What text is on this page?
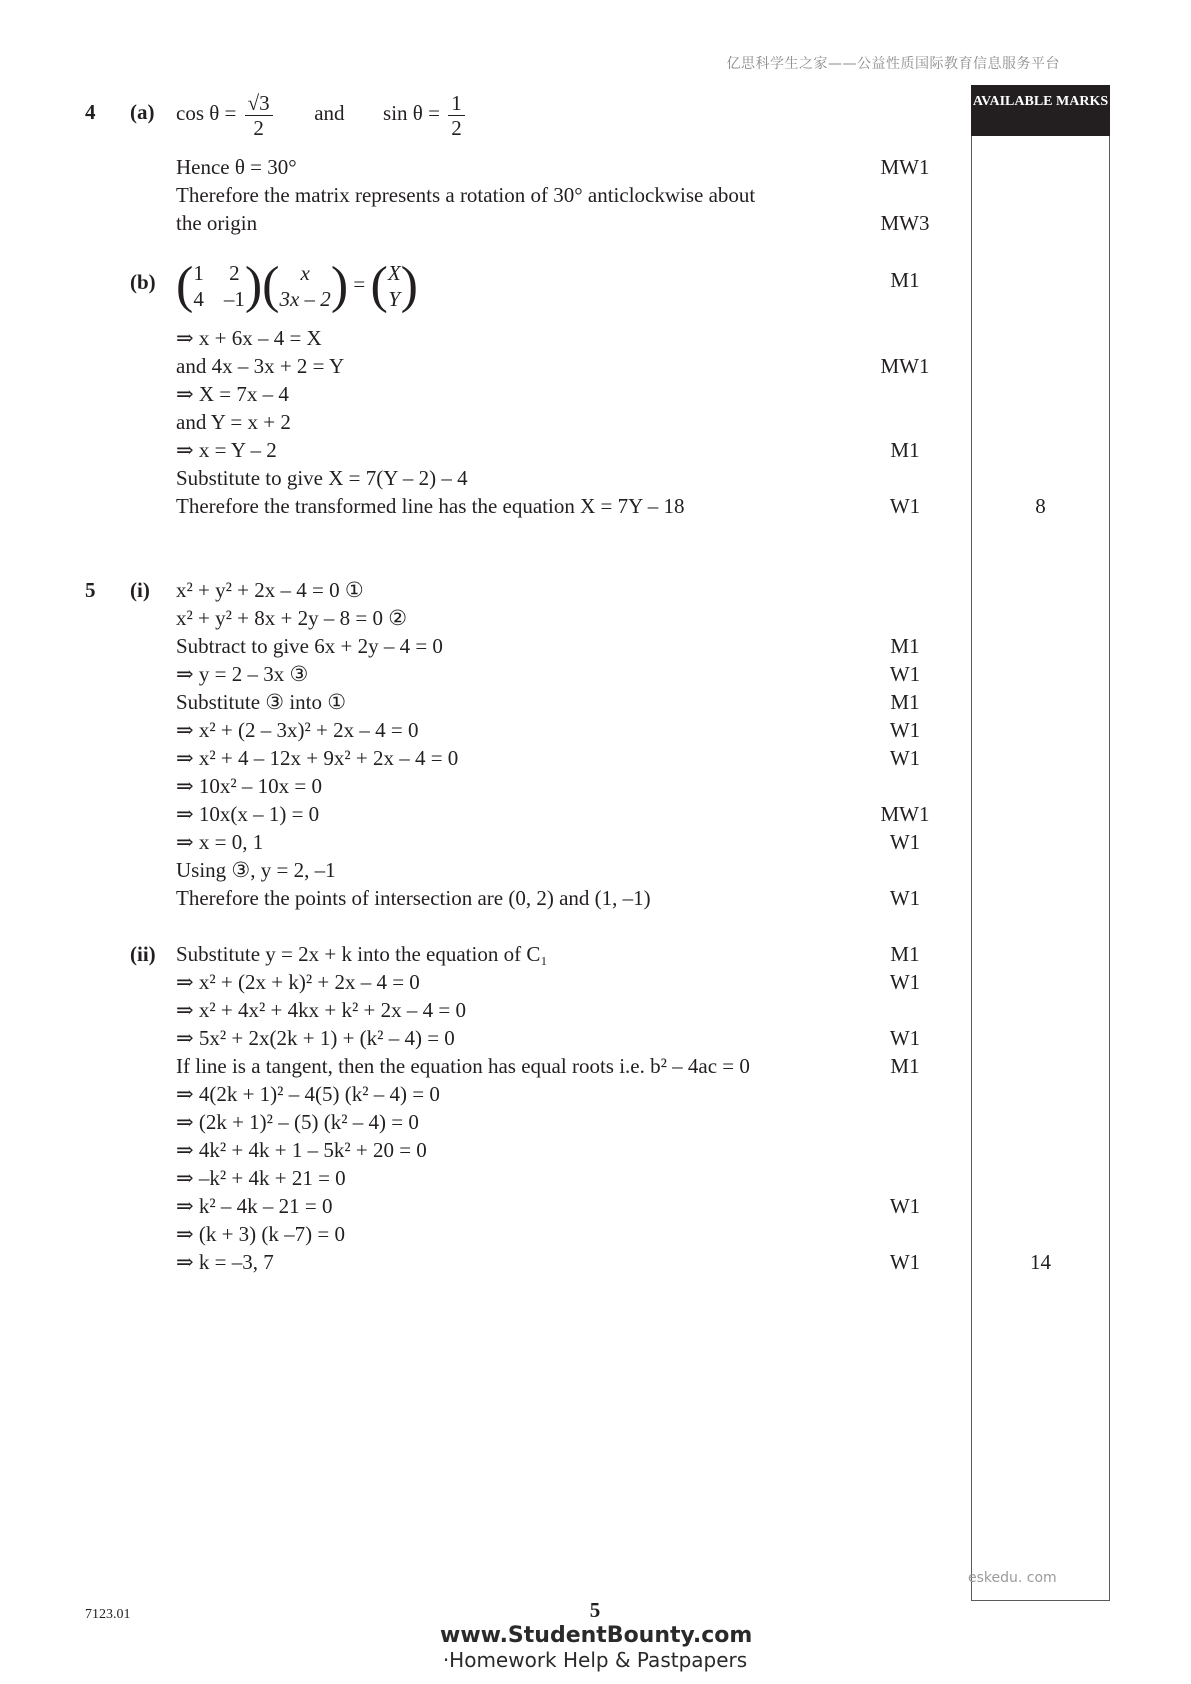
亿思科学生之家——公益性质国际教育信息服务平台
AVAILABLE MARKS
4 (a) $\cos \theta = \frac{√3}{2}$ and $\sin \theta = \frac{1}{2}$
Hence θ = 30°	MW1
Therefore the matrix represents a rotation of 30° anticlockwise about
the origin	MW3
(b) ( 1 2
4 –1 )(	x
3x – 2 ) = ( X
Y )	M1
⇒ x + 6x – 4 = X
and 4x – 3x + 2 = Y	MW1
⇒ X = 7x – 4
and Y = x + 2
⇒ x = Y – 2	M1
Substitute to give X = 7(Y – 2) – 4
Therefore the transformed line has the equation X = 7Y – 18	W1	8
5 (i) x² + y² + 2x – 4 = 0 ①
x² + y² + 8x + 2y – 8 = 0 ②
Subtract to give 6x + 2y – 4 = 0	M1
⇒ y = 2 – 3x ③	W1
Substitute ③ into ①	M1
⇒ x² + (2 – 3x)² + 2x – 4 = 0	W1
⇒ x² + 4 – 12x + 9x² + 2x – 4 = 0	W1
⇒ 10x² – 10x = 0
⇒ 10x(x – 1) = 0	MW1
⇒ x = 0, 1	W1
Using ③, y = 2, –1
Therefore the points of intersection are (0, 2) and (1, –1)	W1
(ii) Substitute y = 2x + k into the equation of C₁	M1
⇒ x² + (2x + k)² + 2x – 4 = 0	W1
⇒ x² + 4x² + 4kx + k² + 2x – 4 = 0
⇒ 5x² + 2x(2k + 1) + (k² – 4) = 0	W1
If line is a tangent, then the equation has equal roots i.e. b² – 4ac = 0	M1
⇒ 4(2k + 1)² – 4(5) (k² – 4) = 0
⇒ (2k + 1)² – (5) (k² – 4) = 0
⇒ 4k² + 4k + 1 – 5k² + 20 = 0
⇒ –k² + 4k + 21 = 0
⇒ k² – 4k – 21 = 0	W1
⇒ (k + 3) (k –7) = 0
⇒ k = –3, 7	W1	14
eskedu. com
7123.01	5
www.StudentBounty.com
·Homework Help & Pastpapers
